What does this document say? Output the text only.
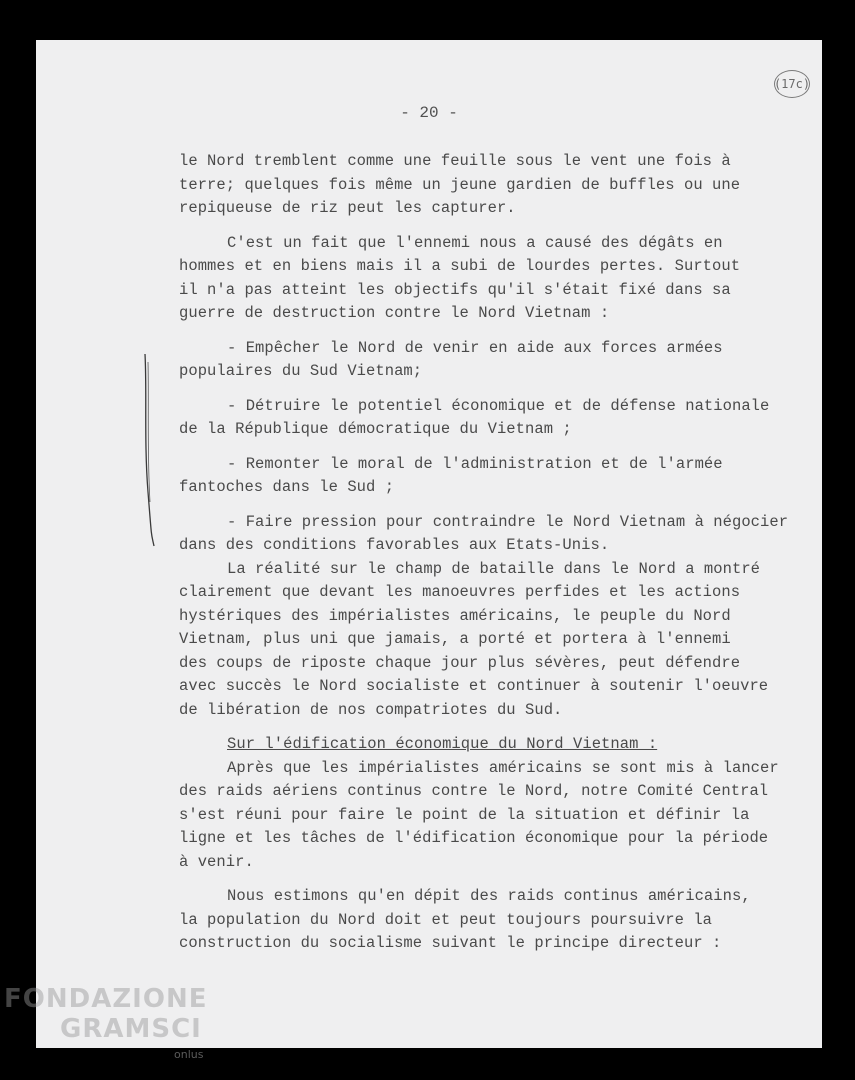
(17c)
- 20 -

le Nord tremblent comme une feuille sous le vent une fois à

terre; quelques fois même un jeune gardien de buffles ou une

repiqueuse de riz peut les capturer.

C'est un fait que l'ennemi nous a causé des dégâts en

hommes et en biens mais il a subi de lourdes pertes. Surtout

il n'a pas atteint les objectifs qu'il s'était fixé dans sa

guerre de destruction contre le Nord Vietnam :

- Empêcher le Nord de venir en aide aux forces armées

populaires du Sud Vietnam;

- Détruire le potentiel économique et de défense nationale

de la République démocratique du Vietnam ;

- Remonter le moral de l'administration et de l'armée

fantoches dans le Sud ;

- Faire pression pour contraindre le Nord Vietnam à négocier

dans des conditions favorables aux Etats-Unis.

La réalité sur le champ de bataille dans le Nord a montré

clairement que devant les manoeuvres perfides et les actions

hystériques des impérialistes américains, le peuple du Nord

Vietnam, plus uni que jamais, a porté et portera à l'ennemi

des coups de riposte chaque jour plus sévères, peut défendre

avec succès le Nord socialiste et continuer à soutenir l'oeuvre

de libération de nos compatriotes du Sud.

Sur l'édification économique du Nord Vietnam :

Après que les impérialistes américains se sont mis à lancer

des raids aériens continus contre le Nord, notre Comité Central

s'est réuni pour faire le point de la situation et définir la

ligne et les tâches de l'édification économique pour la période

à venir.

Nous estimons qu'en dépit des raids continus américains,

la population du Nord doit et peut toujours poursuivre la

construction du socialisme suivant le principe directeur :

FONDAZIONE
GRAMSCI
onlus
